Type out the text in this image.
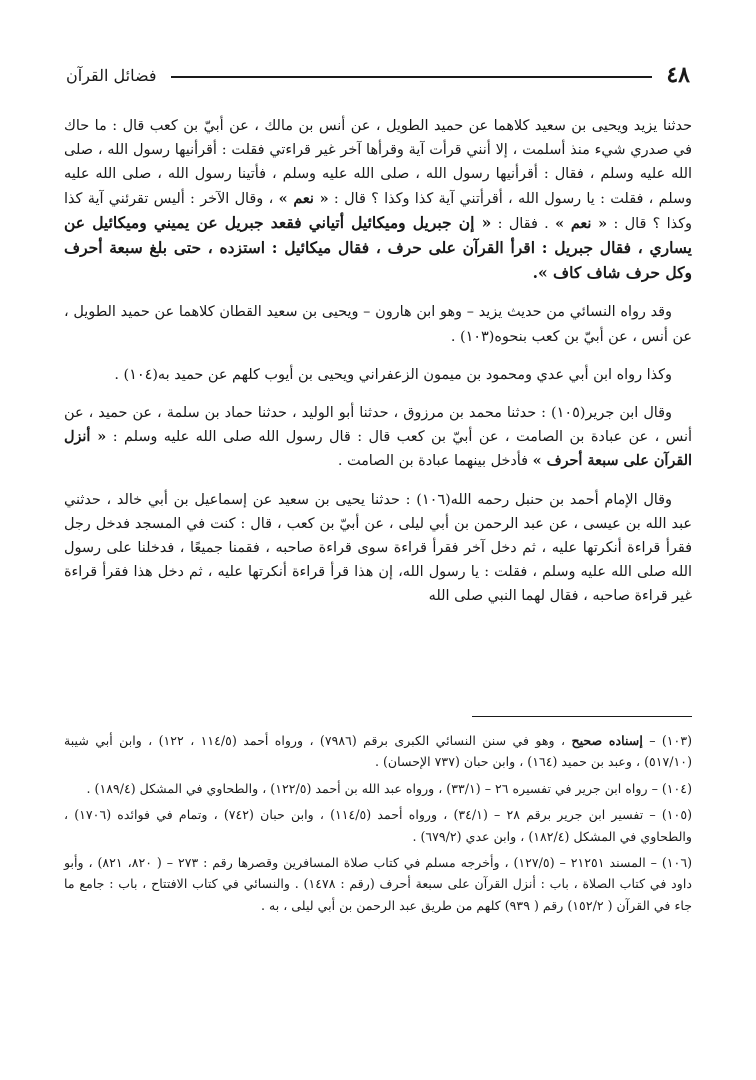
٤٨
فضائل القرآن

حدثنا يزيد ويحيى بن سعيد كلاهما عن حميد الطويل ، عن أنس بن مالك ، عن أبيّ بن كعب قال : ما حاك في صدري شيء منذ أسلمت ، إلا أنني قرأت آية وقرأها آخر غير قراءتي فقلت : أقرأنيها رسول الله ، صلى الله عليه وسلم ، فقال : أقرأنيها رسول الله ، صلى الله عليه وسلم ، فأتينا رسول الله ، صلى الله عليه وسلم ، فقلت : يا رسول الله ، أقرأتني آية كذا وكذا ؟ قال : « نعم » ، وقال الآخر : أليس تقرئني آية كذا وكذا ؟ قال : « نعم » . فقال : « إن جبريل وميكائيل أتياني فقعد جبريل عن يميني وميكائيل عن يساري ، فقال جبريل : اقرأ القرآن على حرف ، فقال ميكائيل : استزده ، حتى بلغ سبعة أحرف وكل حرف شاف كاف ».

وقد رواه النسائي من حديث يزيد – وهو ابن هارون – ويحيى بن سعيد القطان كلاهما عن حميد الطويل ، عن أنس ، عن أبيّ بن كعب بنحوه(١٠٣) .

وكذا رواه ابن أبي عدي ومحمود بن ميمون الزعفراني ويحيى بن أيوب كلهم عن حميد به(١٠٤) .

وقال ابن جرير(١٠٥) : حدثنا محمد بن مرزوق ، حدثنا أبو الوليد ، حدثنا حماد بن سلمة ، عن حميد ، عن أنس ، عن عبادة بن الصامت ، عن أبيّ بن كعب قال : قال رسول الله صلى الله عليه وسلم : « أنزل القرآن على سبعة أحرف » فأدخل بينهما عبادة بن الصامت .

وقال الإمام أحمد بن حنبل رحمه الله(١٠٦) : حدثنا يحيى بن سعيد عن إسماعيل بن أبي خالد ، حدثني عبد الله بن عيسى ، عن عبد الرحمن بن أبي ليلى ، عن أبيّ بن كعب ، قال : كنت في المسجد فدخل رجل فقرأ قراءة أنكرتها عليه ، ثم دخل آخر فقرأ قراءة سوى قراءة صاحبه ، فقمنا جميعًا ، فدخلنا على رسول الله صلى الله عليه وسلم ، فقلت : يا رسول الله، إن هذا قرأ قراءة أنكرتها عليه ، ثم دخل هذا فقرأ قراءة غير قراءة صاحبه ، فقال لهما النبي صلى الله

(١٠٣) – إسناده صحيح ، وهو في سنن النسائي الكبرى برقم (٧٩٨٦) ، ورواه أحمد (١١٤/٥ ، ١٢٢) ، وابن أبي شيبة (٥١٧/١٠) ، وعبد بن حميد (١٦٤) ، وابن حبان (٧٣٧ الإحسان) .

(١٠٤) – رواه ابن جرير في تفسيره ٢٦ – (٣٣/١) ، ورواه عبد الله بن أحمد (١٢٢/٥) ، والطحاوي في المشكل (١٨٩/٤) .

(١٠٥) – تفسير ابن جرير برقم ٢٨ – (٣٤/١) ، ورواه أحمد (١١٤/٥) ، وابن حبان (٧٤٢) ، وتمام في فوائده (١٧٠٦) ، والطحاوي في المشكل (١٨٢/٤) ، وابن عدي (٦٧٩/٢) .

(١٠٦) – المسند ٢١٢٥١ – (١٢٧/٥) ، وأخرجه مسلم في كتاب صلاة المسافرين وقصرها رقم : ٢٧٣ – ( ٨٢٠، ٨٢١) ، وأبو داود في كتاب الصلاة ، باب : أنزل القرآن على سبعة أحرف (رقم : ١٤٧٨) . والنسائي في كتاب الافتتاح ، باب : جامع ما جاء في القرآن ( ١٥٢/٢) رقم ( ٩٣٩) كلهم من طريق عبد الرحمن بن أبي ليلى ، به .
